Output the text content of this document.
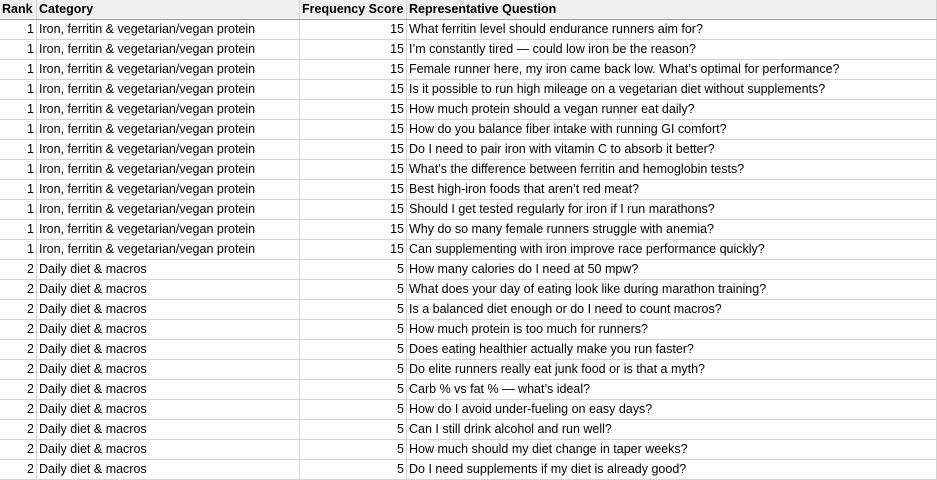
Rank	Category	Frequency Score	Representative Question
1	Iron, ferritin & vegetarian/vegan protein	15	What ferritin level should endurance runners aim for?
1	Iron, ferritin & vegetarian/vegan protein	15	I’m constantly tired — could low iron be the reason?
1	Iron, ferritin & vegetarian/vegan protein	15	Female runner here, my iron came back low. What’s optimal for performance?
1	Iron, ferritin & vegetarian/vegan protein	15	Is it possible to run high mileage on a vegetarian diet without supplements?
1	Iron, ferritin & vegetarian/vegan protein	15	How much protein should a vegan runner eat daily?
1	Iron, ferritin & vegetarian/vegan protein	15	How do you balance fiber intake with running GI comfort?
1	Iron, ferritin & vegetarian/vegan protein	15	Do I need to pair iron with vitamin C to absorb it better?
1	Iron, ferritin & vegetarian/vegan protein	15	What’s the difference between ferritin and hemoglobin tests?
1	Iron, ferritin & vegetarian/vegan protein	15	Best high-iron foods that aren’t red meat?
1	Iron, ferritin & vegetarian/vegan protein	15	Should I get tested regularly for iron if I run marathons?
1	Iron, ferritin & vegetarian/vegan protein	15	Why do so many female runners struggle with anemia?
1	Iron, ferritin & vegetarian/vegan protein	15	Can supplementing with iron improve race performance quickly?
2	Daily diet & macros	5	How many calories do I need at 50 mpw?
2	Daily diet & macros	5	What does your day of eating look like during marathon training?
2	Daily diet & macros	5	Is a balanced diet enough or do I need to count macros?
2	Daily diet & macros	5	How much protein is too much for runners?
2	Daily diet & macros	5	Does eating healthier actually make you run faster?
2	Daily diet & macros	5	Do elite runners really eat junk food or is that a myth?
2	Daily diet & macros	5	Carb % vs fat % — what’s ideal?
2	Daily diet & macros	5	How do I avoid under-fueling on easy days?
2	Daily diet & macros	5	Can I still drink alcohol and run well?
2	Daily diet & macros	5	How much should my diet change in taper weeks?
2	Daily diet & macros	5	Do I need supplements if my diet is already good?
